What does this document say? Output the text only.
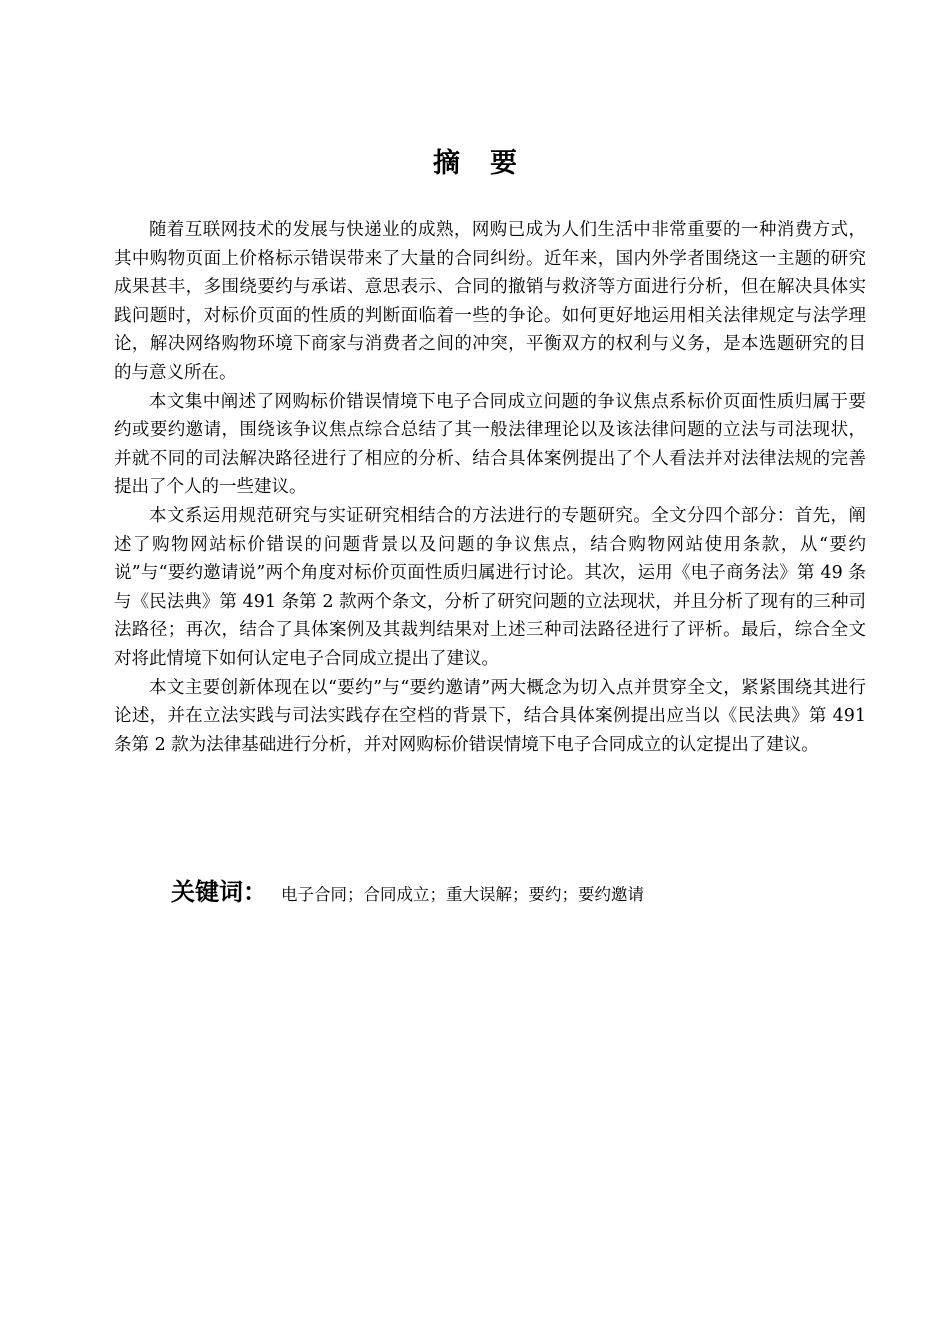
摘要

随着互联网技术的发展与快递业的成熟，网购已成为人们生活中非常重要的一种消费方式，其中购物页面上价格标示错误带来了大量的合同纠纷。近年来，国内外学者围绕这一主题的研究成果甚丰，多围绕要约与承诺、意思表示、合同的撤销与救济等方面进行分析，但在解决具体实践问题时，对标价页面的性质的判断面临着一些的争论。如何更好地运用相关法律规定与法学理论，解决网络购物环境下商家与消费者之间的冲突，平衡双方的权利与义务，是本选题研究的目的与意义所在。

本文集中阐述了网购标价错误情境下电子合同成立问题的争议焦点系标价页面性质归属于要约或要约邀请，围绕该争议焦点综合总结了其一般法律理论以及该法律问题的立法与司法现状，并就不同的司法解决路径进行了相应的分析、结合具体案例提出了个人看法并对法律法规的完善提出了个人的一些建议。

本文系运用规范研究与实证研究相结合的方法进行的专题研究。全文分四个部分：首先，阐述了购物网站标价错误的问题背景以及问题的争议焦点，结合购物网站使用条款，从“要约说”与“要约邀请说”两个角度对标价页面性质归属进行讨论。其次，运用《电子商务法》第 49 条与《民法典》第 491 条第 2 款两个条文，分析了研究问题的立法现状，并且分析了现有的三种司法路径；再次，结合了具体案例及其裁判结果对上述三种司法路径进行了评析。最后，综合全文对将此情境下如何认定电子合同成立提出了建议。

本文主要创新体现在以“要约”与“要约邀请”两大概念为切入点并贯穿全文，紧紧围绕其进行论述，并在立法实践与司法实践存在空档的背景下，结合具体案例提出应当以《民法典》第 491 条第 2 款为法律基础进行分析，并对网购标价错误情境下电子合同成立的认定提出了建议。

关键词： 电子合同；合同成立；重大误解；要约；要约邀请
